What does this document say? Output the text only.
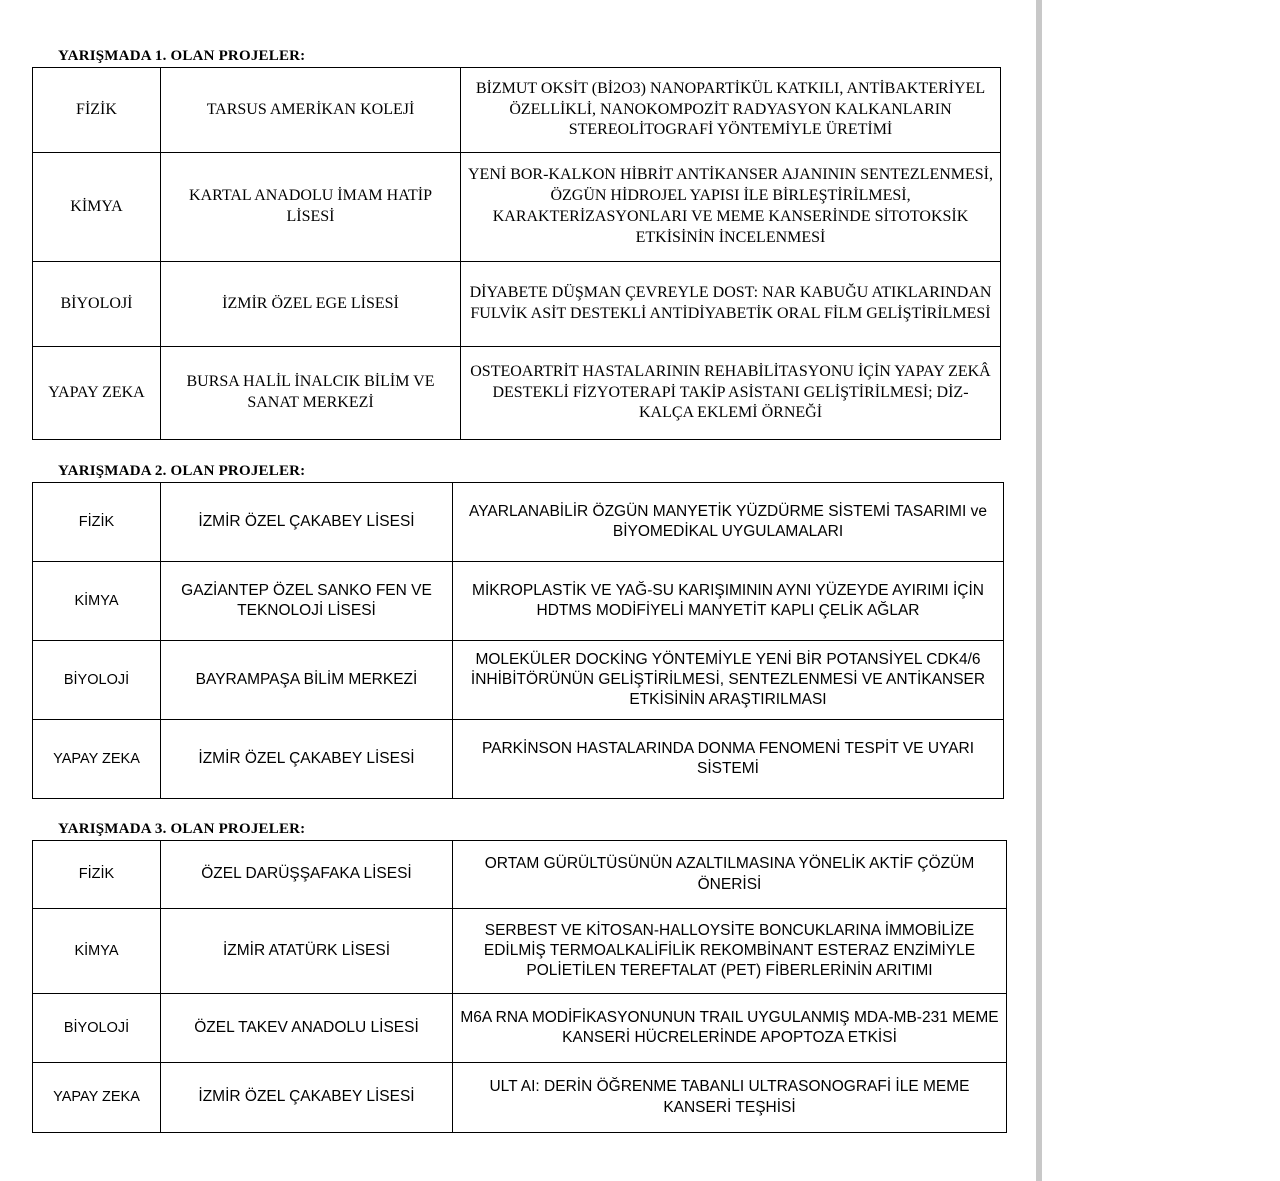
YARIŞMADA 1. OLAN PROJELER:
FİZİK	TARSUS AMERİKAN KOLEJİ	BİZMUT OKSİT (Bİ2O3) NANOPARTİKÜL KATKILI, ANTİBAKTERİYEL ÖZELLİKLİ, NANOKOMPOZİT RADYASYON KALKANLARIN STEREOLİTOGRAFİ YÖNTEMİYLE ÜRETİMİ
KİMYA	KARTAL ANADOLU İMAM HATİP LİSESİ	YENİ BOR-KALKON HİBRİT ANTİKANSER AJANININ SENTEZLENMESİ, ÖZGÜN HİDROJEL YAPISI İLE BİRLEŞTİRİLMESİ, KARAKTERİZASYONLARI VE MEME KANSERİNDE SİTOTOKSİK ETKİSİNİN İNCELENMESİ
BİYOLOJİ	İZMİR ÖZEL EGE LİSESİ	DİYABETE DÜŞMAN ÇEVREYLE DOST: NAR KABUĞU ATIKLARINDAN FULVİK ASİT DESTEKLİ ANTİDİYABETİK ORAL FİLM GELİŞTİRİLMESİ
YAPAY ZEKA	BURSA HALİL İNALCIK BİLİM VE SANAT MERKEZİ	OSTEOARTRİT HASTALARININ REHABİLİTASYONU İÇİN YAPAY ZEKÂ DESTEKLİ FİZYOTERAPİ TAKİP ASİSTANI GELİŞTİRİLMESİ; DİZ-KALÇA EKLEMİ ÖRNEĞİ
YARIŞMADA 2. OLAN PROJELER:
FİZİK	İZMİR ÖZEL ÇAKABEY LİSESİ	AYARLANABİLİR ÖZGÜN MANYETİK YÜZDÜRME SİSTEMİ TASARIMI ve BİYOMEDİKAL UYGULAMALARI
KİMYA	GAZİANTEP ÖZEL SANKO FEN VE TEKNOLOJİ LİSESİ	MİKROPLASTİK VE YAĞ-SU KARIŞIMININ AYNI YÜZEYDE AYIRIMI İÇİN HDTMS MODİFİYELİ MANYETİT KAPLI ÇELİK AĞLAR
BİYOLOJİ	BAYRAMPAŞA BİLİM MERKEZİ	MOLEKÜLER DOCKİNG YÖNTEMİYLE YENİ BİR POTANSİYEL CDK4/6 İNHİBİTÖRÜNÜN GELİŞTİRİLMESİ, SENTEZLENMESİ VE ANTİKANSER ETKİSİNİN ARAŞTIRILMASI
YAPAY ZEKA	İZMİR ÖZEL ÇAKABEY LİSESİ	PARKİNSON HASTALARINDA DONMA FENOMENİ TESPİT VE UYARI SİSTEMİ
YARIŞMADA 3. OLAN PROJELER:
FİZİK	ÖZEL DARÜŞŞAFAKA LİSESİ	ORTAM GÜRÜLTÜSÜNÜN AZALTILMASINA YÖNELİK AKTİF ÇÖZÜM ÖNERİSİ
KİMYA	İZMİR ATATÜRK LİSESİ	SERBEST VE KİTOSAN-HALLOYSİTE BONCUKLARINA İMMOBİLİZE EDİLMİŞ TERMOALKALİFİLİK REKOMBİNANT ESTERAZ ENZİMİYLE POLİETİLEN TEREFTALAT (PET) FİBERLERİNİN ARITIMI
BİYOLOJİ	ÖZEL TAKEV ANADOLU LİSESİ	M6A RNA MODİFİKASYONUNUN TRAIL UYGULANMIŞ MDA-MB-231 MEME KANSERİ HÜCRELERİNDE APOPTOZA ETKİSİ
YAPAY ZEKA	İZMİR ÖZEL ÇAKABEY LİSESİ	ULT AI: DERİN ÖĞRENME TABANLI ULTRASONOGRAFİ İLE MEME KANSERİ TEŞHİSİ
